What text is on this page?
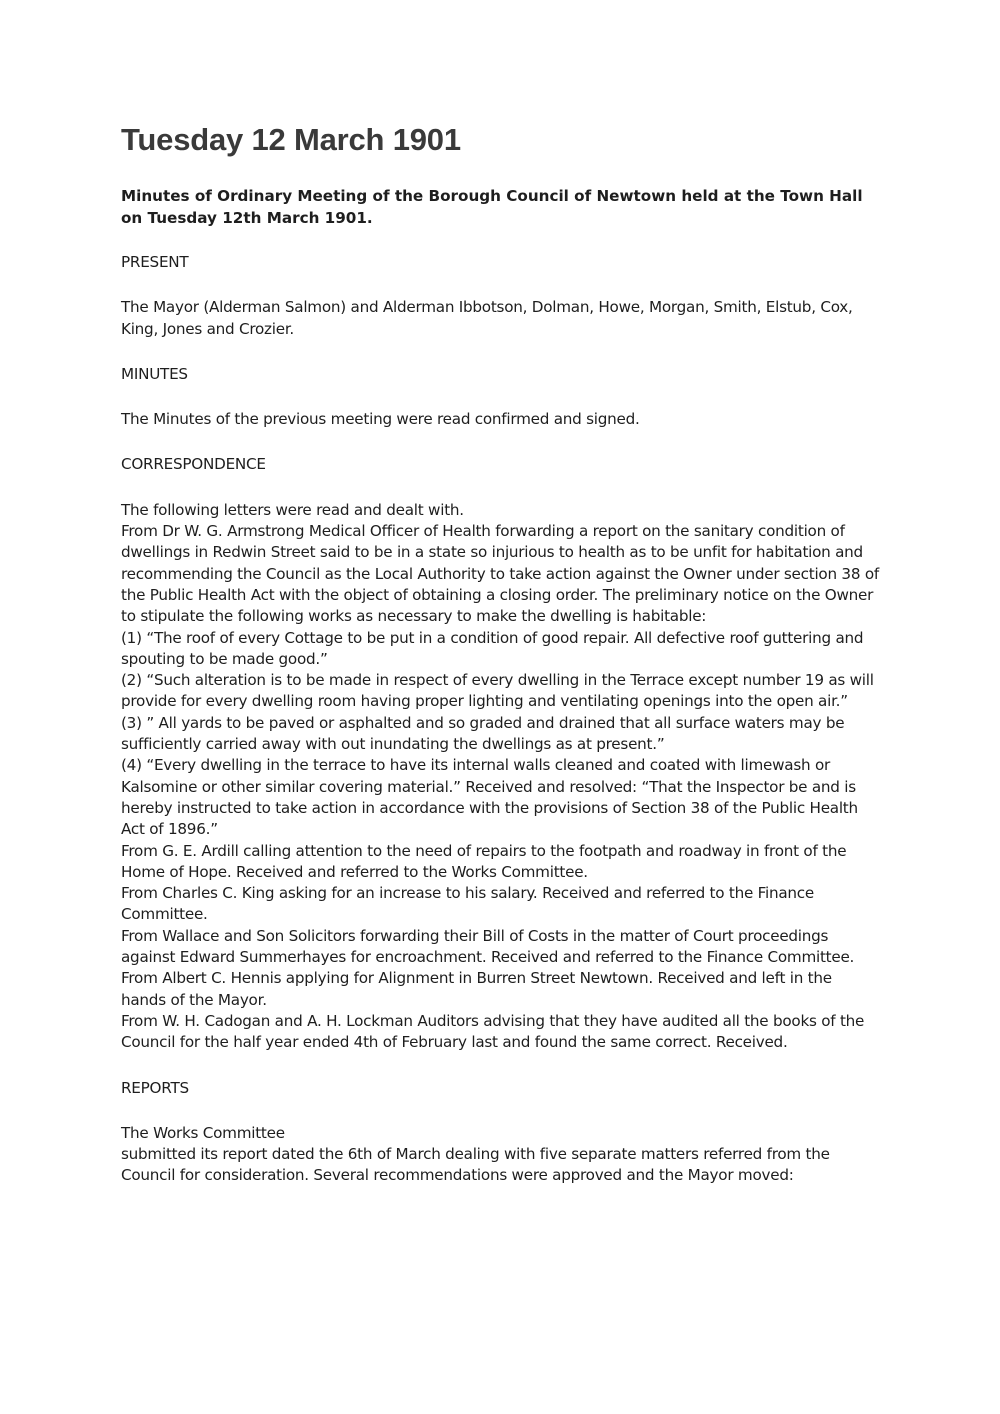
Tuesday 12 March 1901
Minutes of Ordinary Meeting of the Borough Council of Newtown held at the Town Hall on Tuesday 12th March 1901.
PRESENT
The Mayor (Alderman Salmon) and Alderman Ibbotson, Dolman, Howe, Morgan, Smith, Elstub, Cox, King, Jones and Crozier.
MINUTES
The Minutes of the previous meeting were read confirmed and signed.
CORRESPONDENCE
The following letters were read and dealt with.
From Dr W. G. Armstrong Medical Officer of Health forwarding a report on the sanitary condition of dwellings in Redwin Street said to be in a state so injurious to health as to be unfit for habitation and recommending the Council as the Local Authority to take action against the Owner under section 38 of the Public Health Act with the object of obtaining a closing order. The preliminary notice on the Owner to stipulate the following works as necessary to make the dwelling is habitable:
(1) “The roof of every Cottage to be put in a condition of good repair. All defective roof guttering and spouting to be made good.”
(2) “Such alteration is to be made in respect of every dwelling in the Terrace except number 19 as will provide for every dwelling room having proper lighting and ventilating openings into the open air.”
(3) ” All yards to be paved or asphalted and so graded and drained that all surface waters may be sufficiently carried away with out inundating the dwellings as at present.”
(4) “Every dwelling in the terrace to have its internal walls cleaned and coated with limewash or Kalsomine or other similar covering material.” Received and resolved: “That the Inspector be and is hereby instructed to take action in accordance with the provisions of Section 38 of the Public Health Act of 1896.”
From G. E. Ardill calling attention to the need of repairs to the footpath and roadway in front of the Home of Hope. Received and referred to the Works Committee.
From Charles C. King asking for an increase to his salary. Received and referred to the Finance Committee.
From Wallace and Son Solicitors forwarding their Bill of Costs in the matter of Court proceedings against Edward Summerhayes for encroachment. Received and referred to the Finance Committee.
From Albert C. Hennis applying for Alignment in Burren Street Newtown. Received and left in the hands of the Mayor.
From W. H. Cadogan and A. H. Lockman Auditors advising that they have audited all the books of the Council for the half year ended 4th of February last and found the same correct. Received.
REPORTS
The Works Committee
submitted its report dated the 6th of March dealing with five separate matters referred from the Council for consideration. Several recommendations were approved and the Mayor moved:
